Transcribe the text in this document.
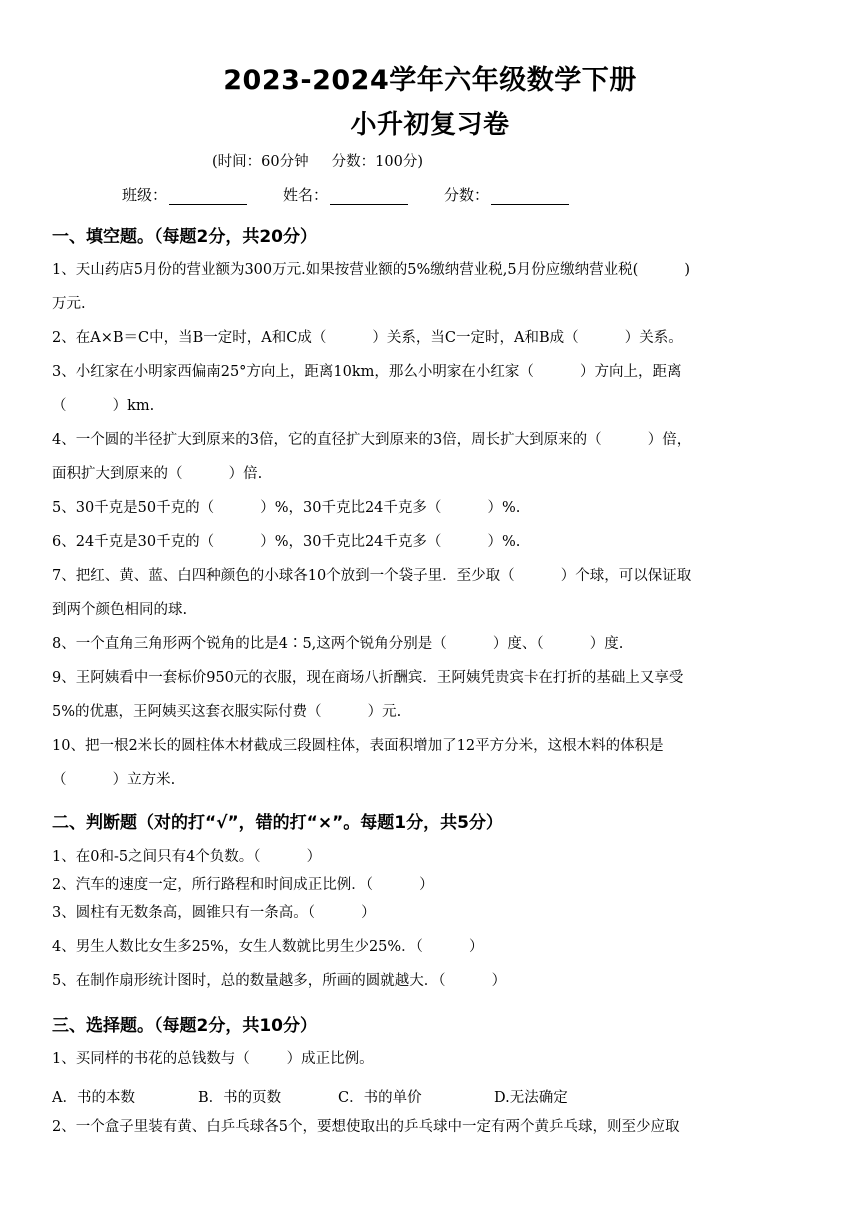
2023-2024学年六年级数学下册
小升初复习卷
(时间：60分钟 分数：100分)
班级：	姓名：	分数：
一、填空题。（每题2分，共20分）
1、天山药店5月份的营业额为300万元.如果按营业额的5%缴纳营业税,5月份应缴纳营业税(          )
万元.
2、在A×B＝C中，当B一定时，A和C成（          ）关系，当C一定时，A和B成（          ）关系。
3、小红家在小明家西偏南25°方向上，距离10km，那么小明家在小红家（          ）方向上，距离
（          ）km.
4、一个圆的半径扩大到原来的3倍，它的直径扩大到原来的3倍，周长扩大到原来的（          ）倍，
面积扩大到原来的（          ）倍.
5、30千克是50千克的（          ）%，30千克比24千克多（          ）%.
6、24千克是30千克的（          ）%，30千克比24千克多（          ）%.
7、把红、黄、蓝、白四种颜色的小球各10个放到一个袋子里．至少取（          ）个球，可以保证取
到两个颜色相同的球.
8、一个直角三角形两个锐角的比是4∶5,这两个锐角分别是（          ）度、（          ）度.
9、王阿姨看中一套标价950元的衣服，现在商场八折酬宾．王阿姨凭贵宾卡在打折的基础上又享受
5%的优惠，王阿姨买这套衣服实际付费（          ）元.
10、把一根2米长的圆柱体木材截成三段圆柱体，表面积增加了12平方分米，这根木料的体积是
（          ）立方米.
二、判断题（对的打“√”，错的打“×”。每题1分，共5分）
1、在0和-5之间只有4个负数。（          ）
2、汽车的速度一定，所行路程和时间成正比例．（          ）
3、圆柱有无数条高，圆锥只有一条高。（          ）
4、男生人数比女生多25%，女生人数就比男生少25%．（          ）
5、在制作扇形统计图时，总的数量越多，所画的圆就越大．（          ）
三、选择题。（每题2分，共10分）
1、买同样的书花的总钱数与（        ）成正比例。
A．书的本数	B．书的页数	C．书的单价	D.无法确定
2、一个盒子里装有黄、白乒乓球各5个，要想使取出的乒乓球中一定有两个黄乒乓球，则至少应取
